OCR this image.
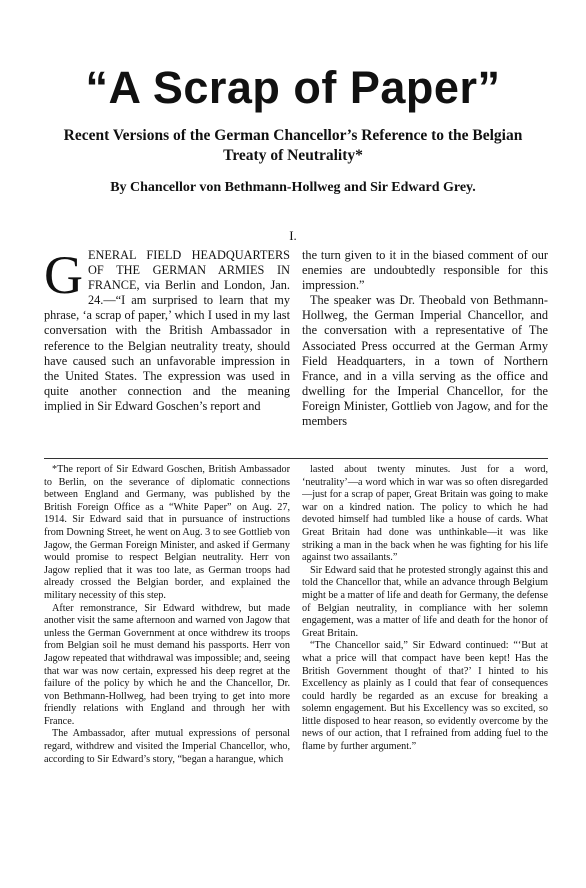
“A Scrap of Paper”
Recent Versions of the German Chancellor’s Reference to the Belgian Treaty of Neutrality*
By Chancellor von Bethmann-Hollweg and Sir Edward Grey.
I.

GENERAL FIELD HEADQUARTERS OF THE GERMAN ARMIES IN FRANCE, via Berlin and London, Jan. 24.—“I am surprised to learn that my phrase, ‘a scrap of paper,’ which I used in my last conversation with the British Ambassador in reference to the Belgian neutrality treaty, should have caused such an unfavorable impression in the United States. The expression was used in quite another connection and the meaning implied in Sir Edward Goschen’s report and

the turn given to it in the biased comment of our enemies are undoubtedly responsible for this impression.”

The speaker was Dr. Theobald von Bethmann-Hollweg, the German Imperial Chancellor, and the conversation with a representative of The Associated Press occurred at the German Army Field Headquarters, in a town of Northern France, and in a villa serving as the office and dwelling for the Imperial Chancellor, for the Foreign Minister, Gottlieb von Jagow, and for the members

*The report of Sir Edward Goschen, British Ambassador to Berlin, on the severance of diplomatic connections between England and Germany, was published by the British Foreign Office as a “White Paper” on Aug. 27, 1914. Sir Edward said that in pursuance of instructions from Downing Street, he went on Aug. 3 to see Gottlieb von Jagow, the German Foreign Minister, and asked if Germany would promise to respect Belgian neutrality. Herr von Jagow replied that it was too late, as German troops had already crossed the Belgian border, and explained the military necessity of this step.

After remonstrance, Sir Edward withdrew, but made another visit the same afternoon and warned von Jagow that unless the German Government at once withdrew its troops from Belgian soil he must demand his passports. Herr von Jagow repeated that withdrawal was impossible; and, seeing that war was now certain, expressed his deep regret at the failure of the policy by which he and the Chancellor, Dr. von Bethmann-Hollweg, had been trying to get into more friendly relations with England and through her with France.

The Ambassador, after mutual expressions of personal regard, withdrew and visited the Imperial Chancellor, who, according to Sir Edward’s story, “began a harangue, which

lasted about twenty minutes. Just for a word, ‘neutrality’—a word which in war was so often disregarded—just for a scrap of paper, Great Britain was going to make war on a kindred nation. The policy to which he had devoted himself had tumbled like a house of cards. What Great Britain had done was unthinkable—it was like striking a man in the back when he was fighting for his life against two assailants.”

Sir Edward said that he protested strongly against this and told the Chancellor that, while an advance through Belgium might be a matter of life and death for Germany, the defense of Belgian neutrality, in compliance with her solemn engagement, was a matter of life and death for the honor of Great Britain.

“The Chancellor said,” Sir Edward continued: “‘But at what a price will that compact have been kept! Has the British Government thought of that?’ I hinted to his Excellency as plainly as I could that fear of consequences could hardly be regarded as an excuse for breaking a solemn engagement. But his Excellency was so excited, so little disposed to hear reason, so evidently overcome by the news of our action, that I refrained from adding fuel to the flame by further argument.”
